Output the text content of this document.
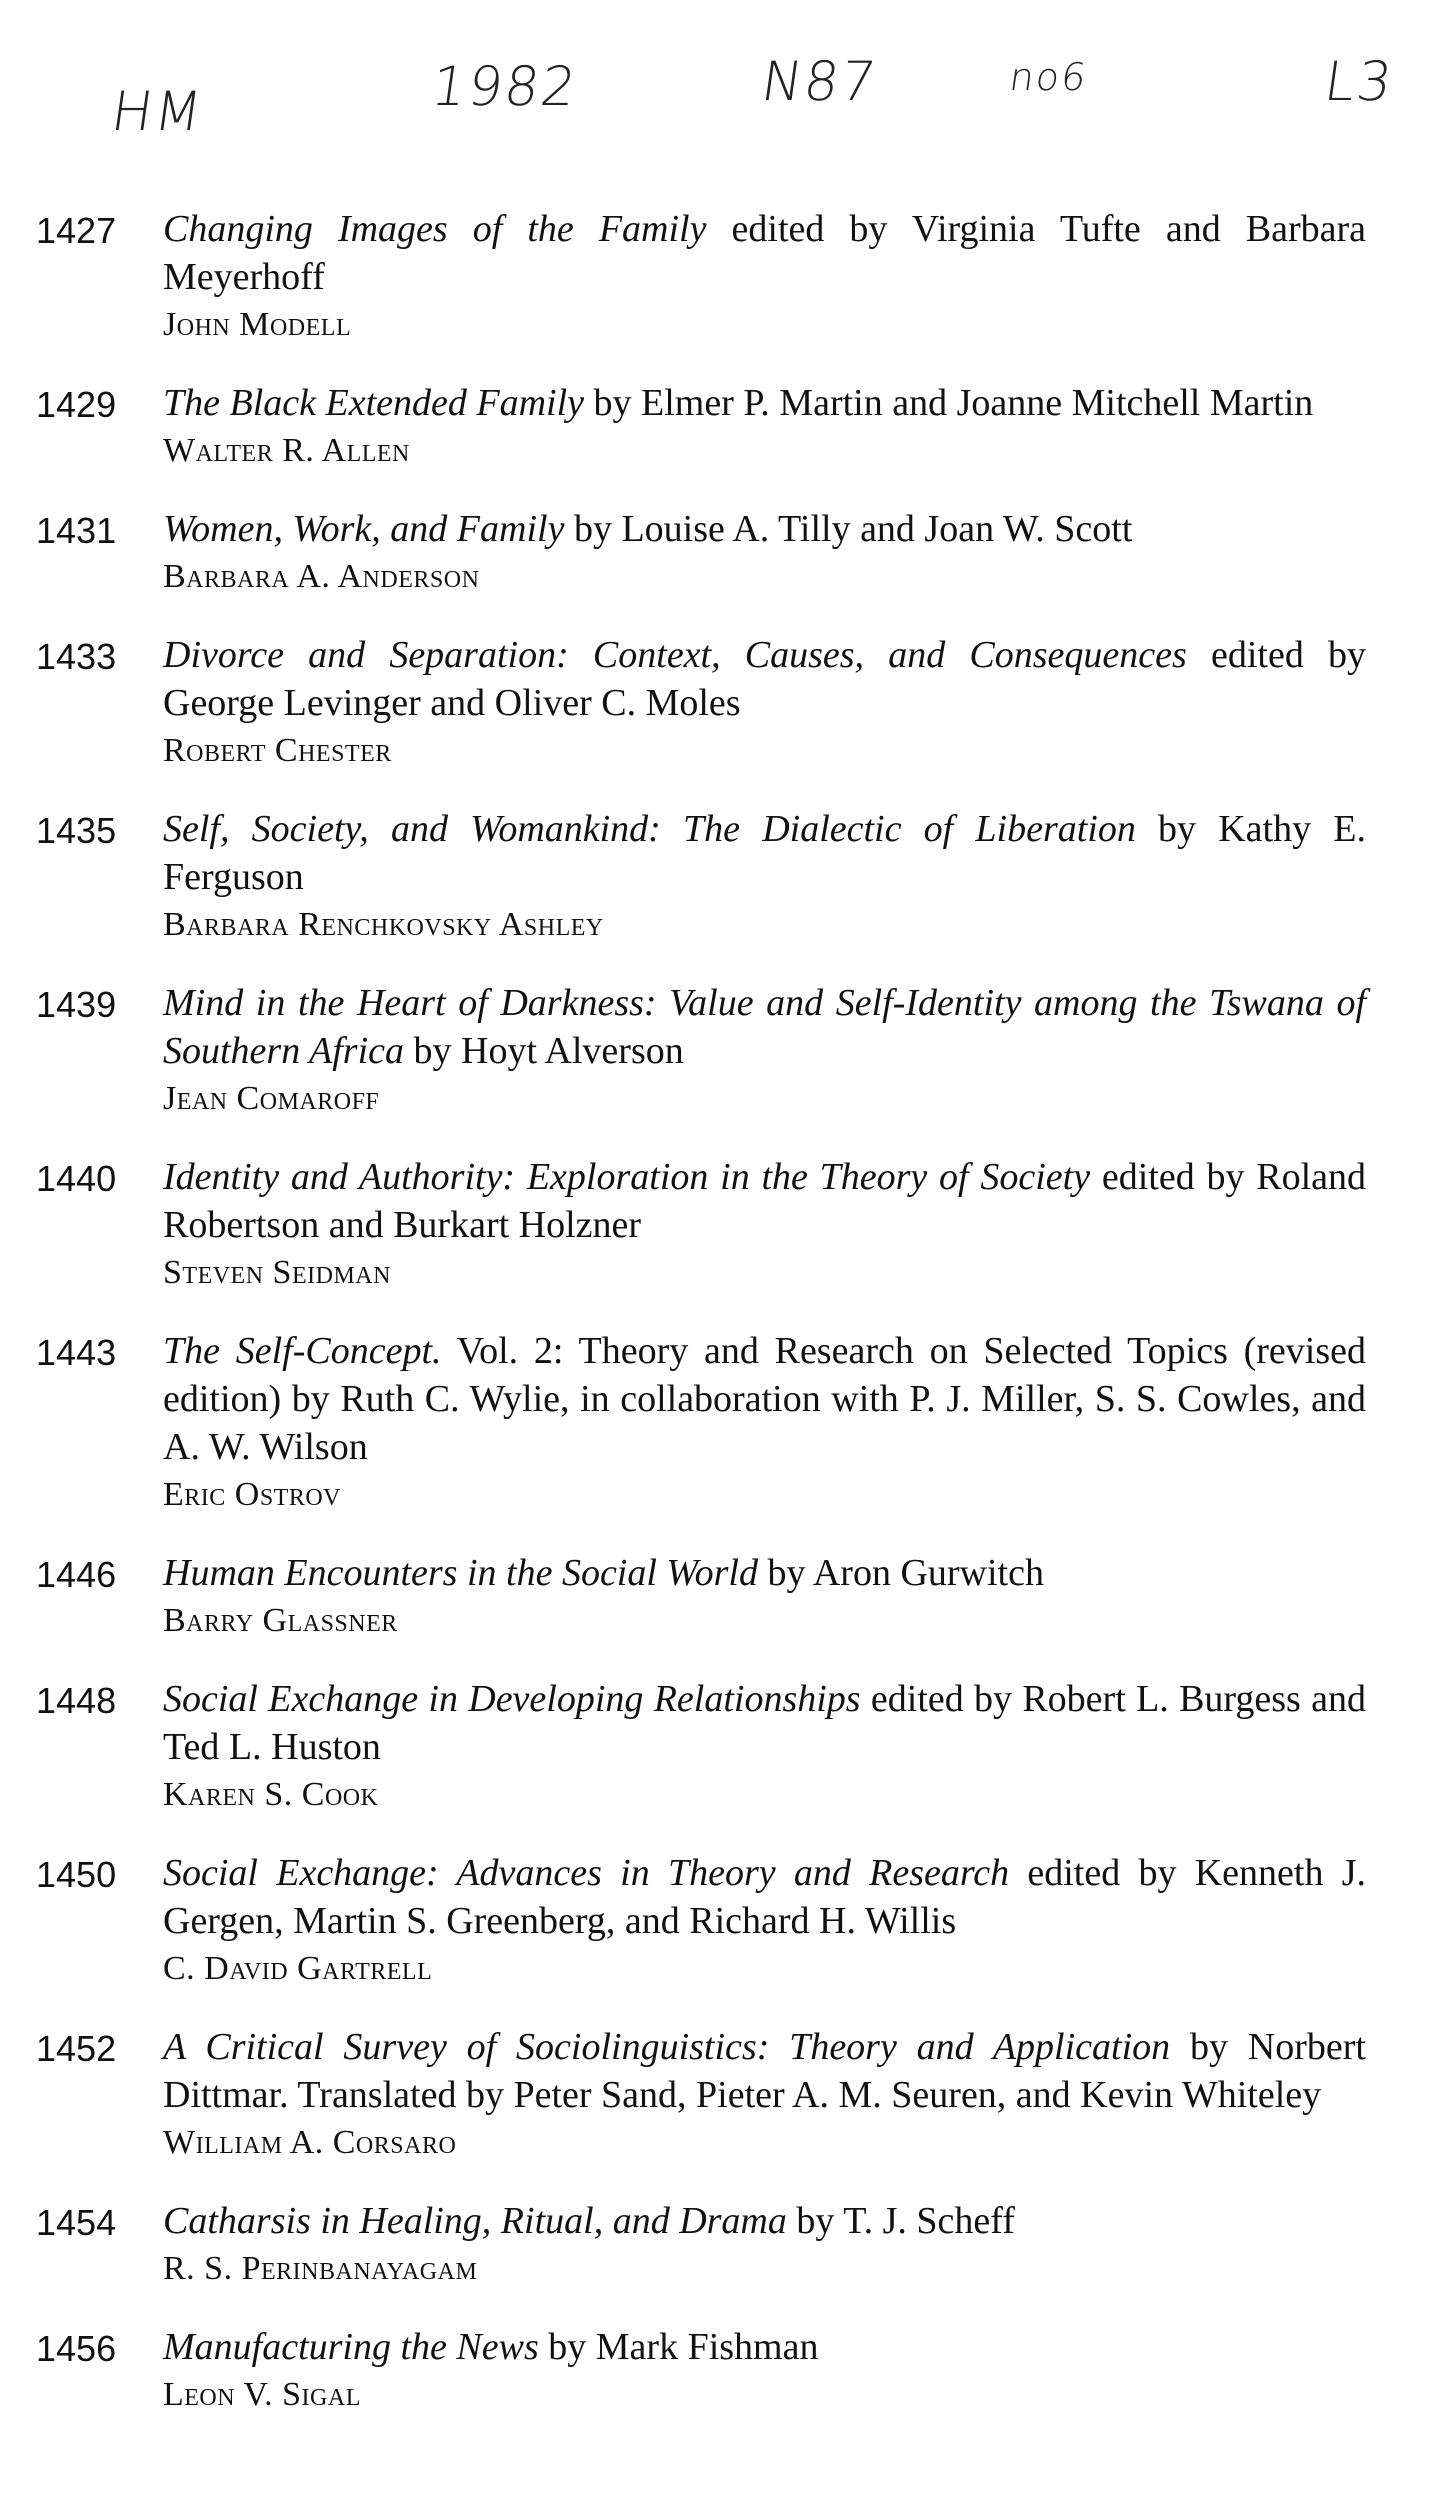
HM	1982	N87	no6	L3
1427	Changing Images of the Family edited by Virginia Tufte and Barbara Meyerhoff
John Modell
1429	The Black Extended Family by Elmer P. Martin and Joanne Mitchell Martin
Walter R. Allen
1431	Women, Work, and Family by Louise A. Tilly and Joan W. Scott
Barbara A. Anderson
1433	Divorce and Separation: Context, Causes, and Consequences edited by George Levinger and Oliver C. Moles
Robert Chester
1435	Self, Society, and Womankind: The Dialectic of Liberation by Kathy E. Ferguson
Barbara Renchkovsky Ashley
1439	Mind in the Heart of Darkness: Value and Self-Identity among the Tswana of Southern Africa by Hoyt Alverson
Jean Comaroff
1440	Identity and Authority: Exploration in the Theory of Society edited by Roland Robertson and Burkart Holzner
Steven Seidman
1443	The Self-Concept. Vol. 2: Theory and Research on Selected Topics (revised edition) by Ruth C. Wylie, in collaboration with P. J. Miller, S. S. Cowles, and A. W. Wilson
Eric Ostrov
1446	Human Encounters in the Social World by Aron Gurwitch
Barry Glassner
1448	Social Exchange in Developing Relationships edited by Robert L. Burgess and Ted L. Huston
Karen S. Cook
1450	Social Exchange: Advances in Theory and Research edited by Kenneth J. Gergen, Martin S. Greenberg, and Richard H. Willis
C. David Gartrell
1452	A Critical Survey of Sociolinguistics: Theory and Application by Norbert Dittmar. Translated by Peter Sand, Pieter A. M. Seuren, and Kevin Whiteley
William A. Corsaro
1454	Catharsis in Healing, Ritual, and Drama by T. J. Scheff
R. S. Perinbanayagam
1456	Manufacturing the News by Mark Fishman
Leon V. Sigal
